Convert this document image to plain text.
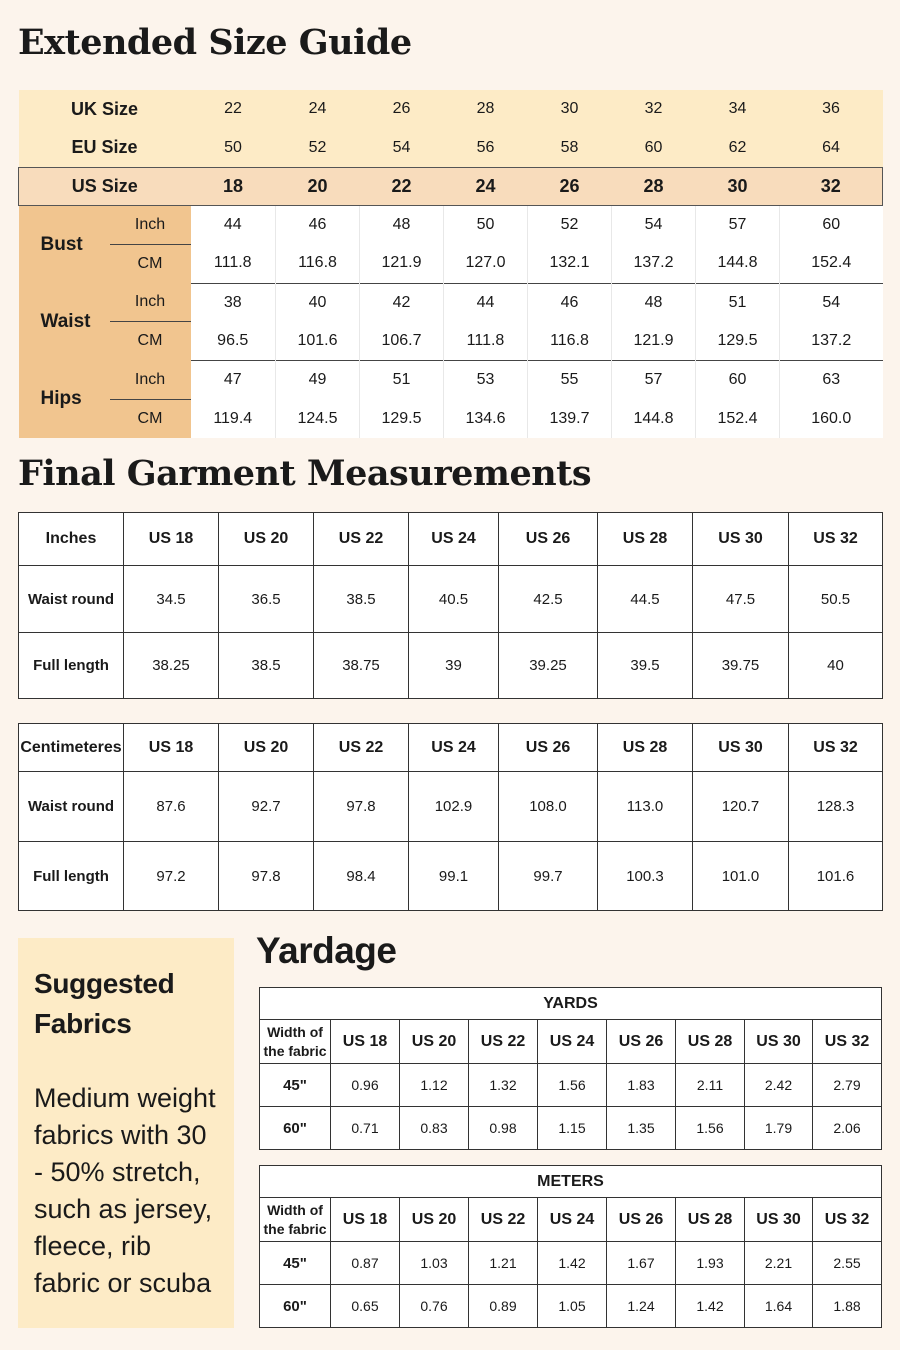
Extended Size Guide
UK Size		22	24	26	28	30	32	34	36
EU Size		50	52	54	56	58	60	62	64
US Size		18	20	22	24	26	28	30	32
Bust	Inch	44	46	48	50	52	54	57	60
	CM	111.8	116.8	121.9	127.0	132.1	137.2	144.8	152.4
Waist	Inch	38	40	42	44	46	48	51	54
	CM	96.5	101.6	106.7	111.8	116.8	121.9	129.5	137.2
Hips	Inch	47	49	51	53	55	57	60	63
	CM	119.4	124.5	129.5	134.6	139.7	144.8	152.4	160.0
Final Garment Measurements
Inches	US 18	US 20	US 22	US 24	US 26	US 28	US 30	US 32
Waist round	34.5	36.5	38.5	40.5	42.5	44.5	47.5	50.5
Full length	38.25	38.5	38.75	39	39.25	39.5	39.75	40
Centimeteres	US 18	US 20	US 22	US 24	US 26	US 28	US 30	US 32
Waist round	87.6	92.7	97.8	102.9	108.0	113.0	120.7	128.3
Full length	97.2	97.8	98.4	99.1	99.7	100.3	101.0	101.6
Suggested
Fabrics
Medium weight fabrics with 30 - 50% stretch, such as jersey, fleece, rib fabric or scuba
Yardage
YARDS								

Width of
the fabric	US 18	US 20	US 22	US 24	US 26	US 28	US 30	US 32
45"	0.96	1.12	1.32	1.56	1.83	2.11	2.42	2.79
60"	0.71	0.83	0.98	1.15	1.35	1.56	1.79	2.06
METERS								

Width of
the fabric	US 18	US 20	US 22	US 24	US 26	US 28	US 30	US 32
45"	0.87	1.03	1.21	1.42	1.67	1.93	2.21	2.55
60"	0.65	0.76	0.89	1.05	1.24	1.42	1.64	1.88
